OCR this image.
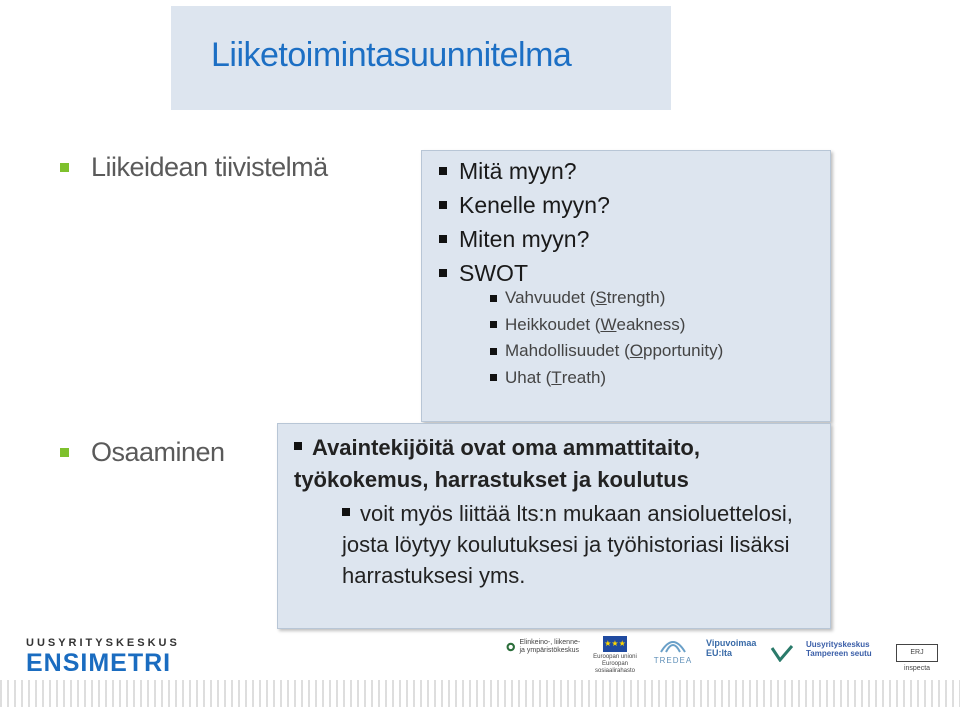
Liiketoimintasuunnitelma
Liikeidean tiivistelmä
Osaaminen
Mitä myyn?
Kenelle myyn?
Miten myyn?
SWOT
Vahvuudet ( S trength)
Heikkoudet ( W eakness)
Mahdollisuudet ( O pportunity)
Uhat ( T reath)
Avaintekijöitä ovat oma ammattitaito, työkokemus, harrastukset ja koulutus
voit myös liittää lts:n mukaan ansioluettelosi, josta löytyy koulutuksesi ja työhistoriasi lisäksi harrastuksesi yms.
UUSYRITYSKESKUS
ENSIMETRI
Elinkeino-, liikenne- ja ympäristökeskus
★★★
Euroopan unioni Euroopan sosiaalirahasto
TREDEA
Vipuvoimaa EU:lta
Uusyrityskeskus Tampereen seutu	ERJ inspecta
